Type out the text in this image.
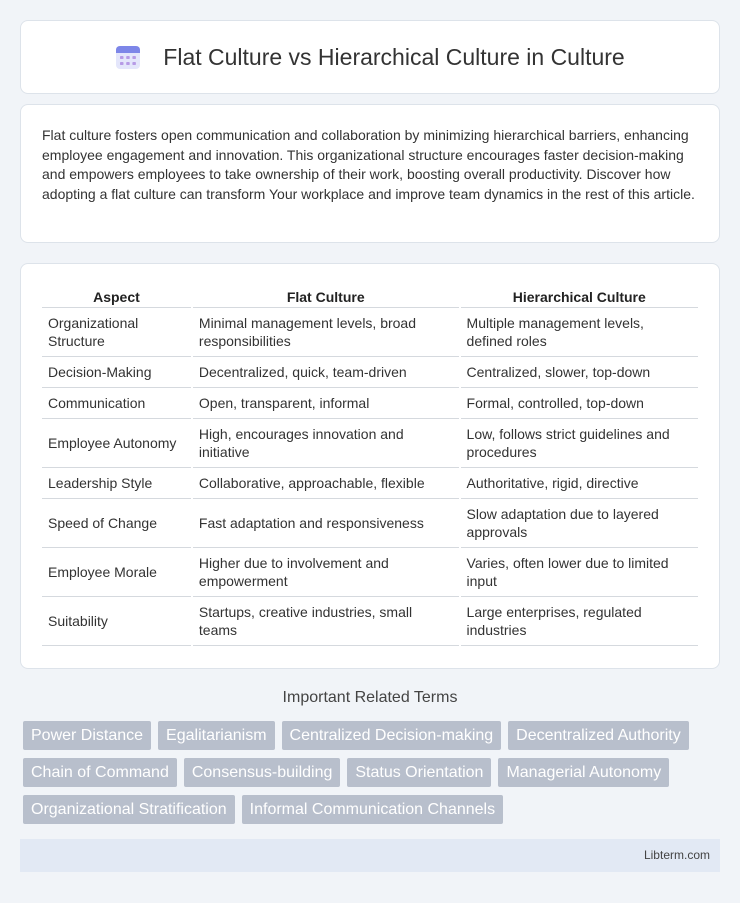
Flat Culture vs Hierarchical Culture in Culture

Flat culture fosters open communication and collaboration by minimizing hierarchical barriers, enhancing employee engagement and innovation. This organizational structure encourages faster decision-making and empowers employees to take ownership of their work, boosting overall productivity. Discover how adopting a flat culture can transform Your workplace and improve team dynamics in the rest of this article.

Aspect	Flat Culture	Hierarchical Culture
Organizational Structure	Minimal management levels, broad responsibilities	Multiple management levels, defined roles
Decision-Making	Decentralized, quick, team-driven	Centralized, slower, top-down
Communication	Open, transparent, informal	Formal, controlled, top-down
Employee Autonomy	High, encourages innovation and initiative	Low, follows strict guidelines and procedures
Leadership Style	Collaborative, approachable, flexible	Authoritative, rigid, directive
Speed of Change	Fast adaptation and responsiveness	Slow adaptation due to layered approvals
Employee Morale	Higher due to involvement and empowerment	Varies, often lower due to limited input
Suitability	Startups, creative industries, small teams	Large enterprises, regulated industries
Important Related Terms
Power Distance	Egalitarianism	Centralized Decision-making	Decentralized Authority
Chain of Command	Consensus-building	Status Orientation	Managerial Autonomy
Organizational Stratification	Informal Communication Channels
Libterm.com
